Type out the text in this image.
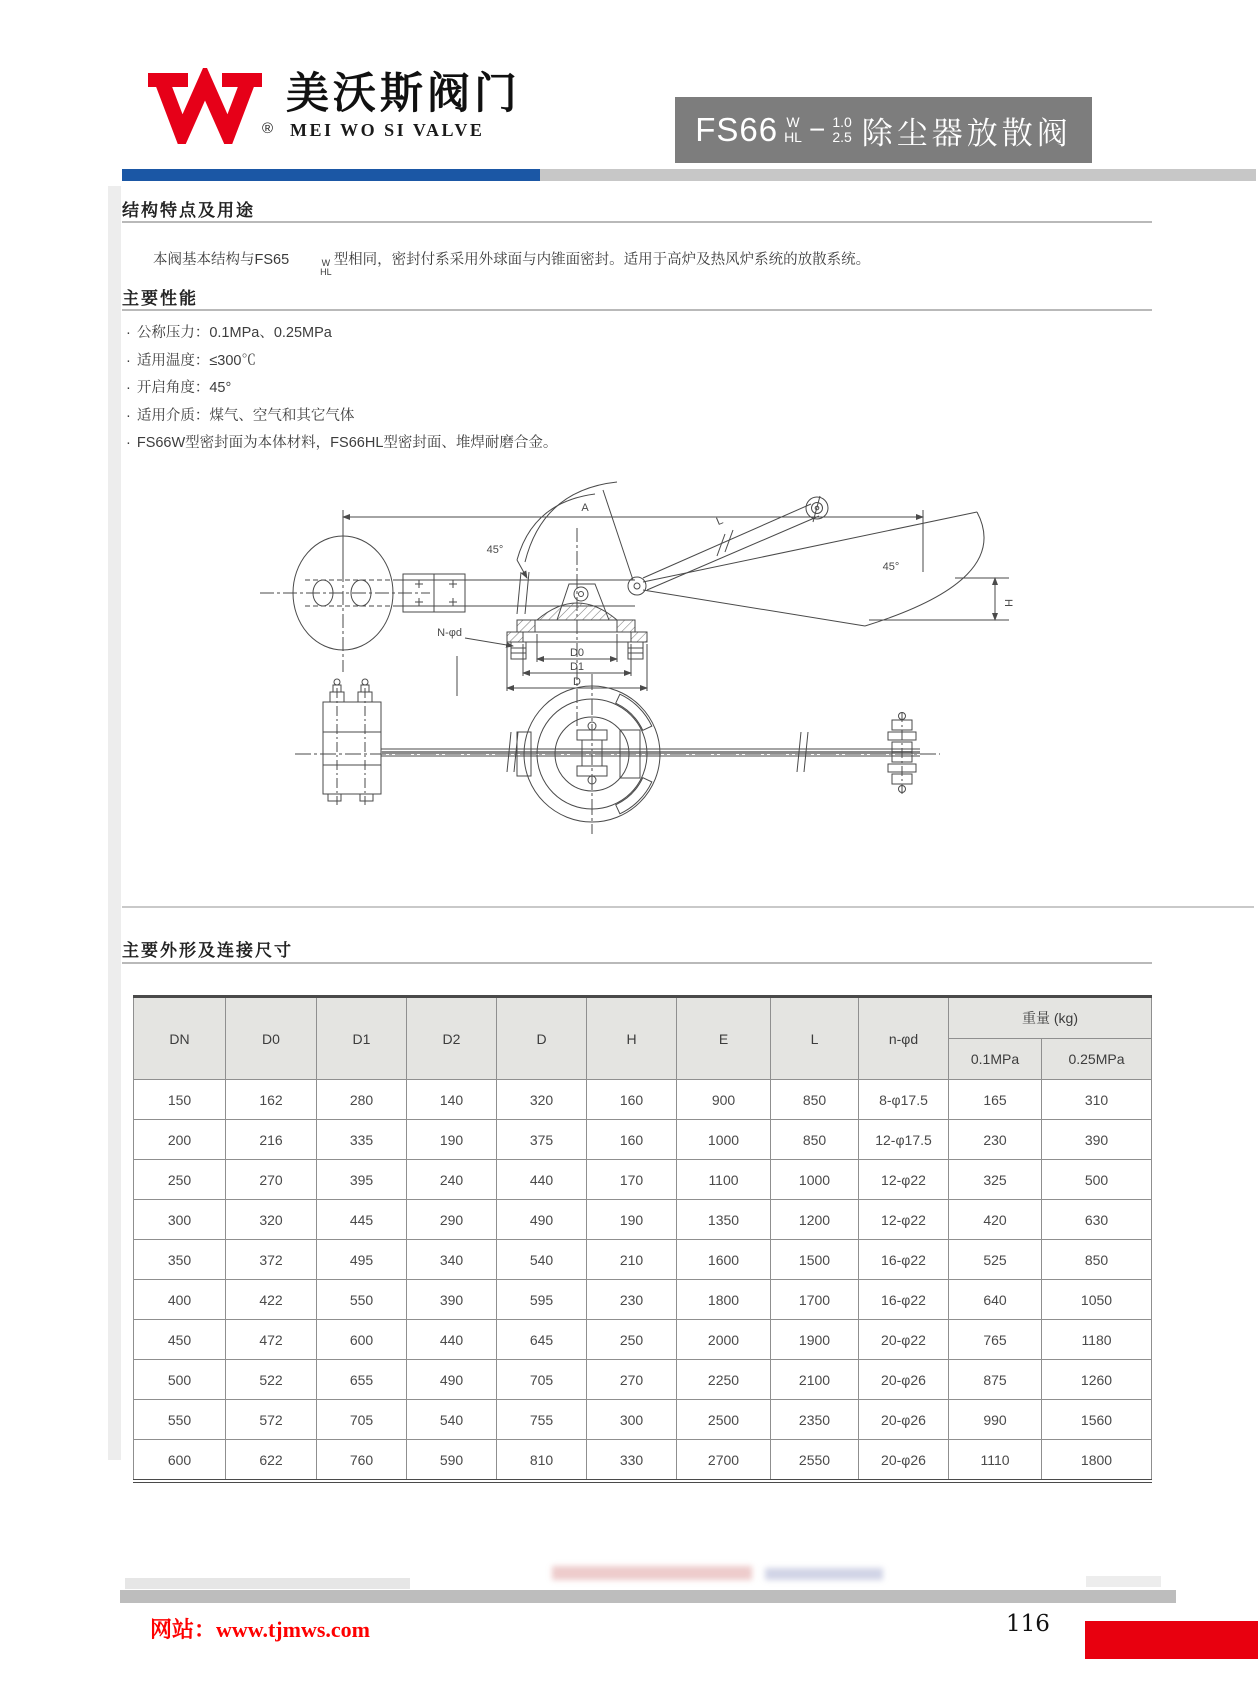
®
美沃斯阀门
MEI WO SI VALVE	FS66 W
HL − 1.0
2.5 除尘器放散阀
结构特点及用途

本阀基本结构与FS65	W
HL
型相同，密封付系采用外球面与内锥面密封。适用于高炉及热风炉系统的放散系统。

主要性能
· 公称压力：0.1MPa、0.25MPa
· 适用温度：≤300℃
· 开启角度：45°
· 适用介质：煤气、空气和其它气体
· FS66W型密封面为本体材料，FS66HL型密封面、堆焊耐磨合金。
A
L
45°
45°
H
D0
D1
D
N-φd
主要外形及连接尺寸
DN	D0	D1	D2	D	H	E	L	n-φd	重量 (kg)	
									0.1MPa	0.25MPa
150	162	280	140	320	160	900	850	8-φ17.5	165	310
200	216	335	190	375	160	1000	850	12-φ17.5	230	390
250	270	395	240	440	170	1100	1000	12-φ22	325	500
300	320	445	290	490	190	1350	1200	12-φ22	420	630
350	372	495	340	540	210	1600	1500	16-φ22	525	850
400	422	550	390	595	230	1800	1700	16-φ22	640	1050
450	472	600	440	645	250	2000	1900	20-φ22	765	1180
500	522	655	490	705	270	2250	2100	20-φ26	875	1260
550	572	705	540	755	300	2500	2350	20-φ26	990	1560
600	622	760	590	810	330	2700	2550	20-φ26	1110	1800
网站：www.tjmws.com	116
